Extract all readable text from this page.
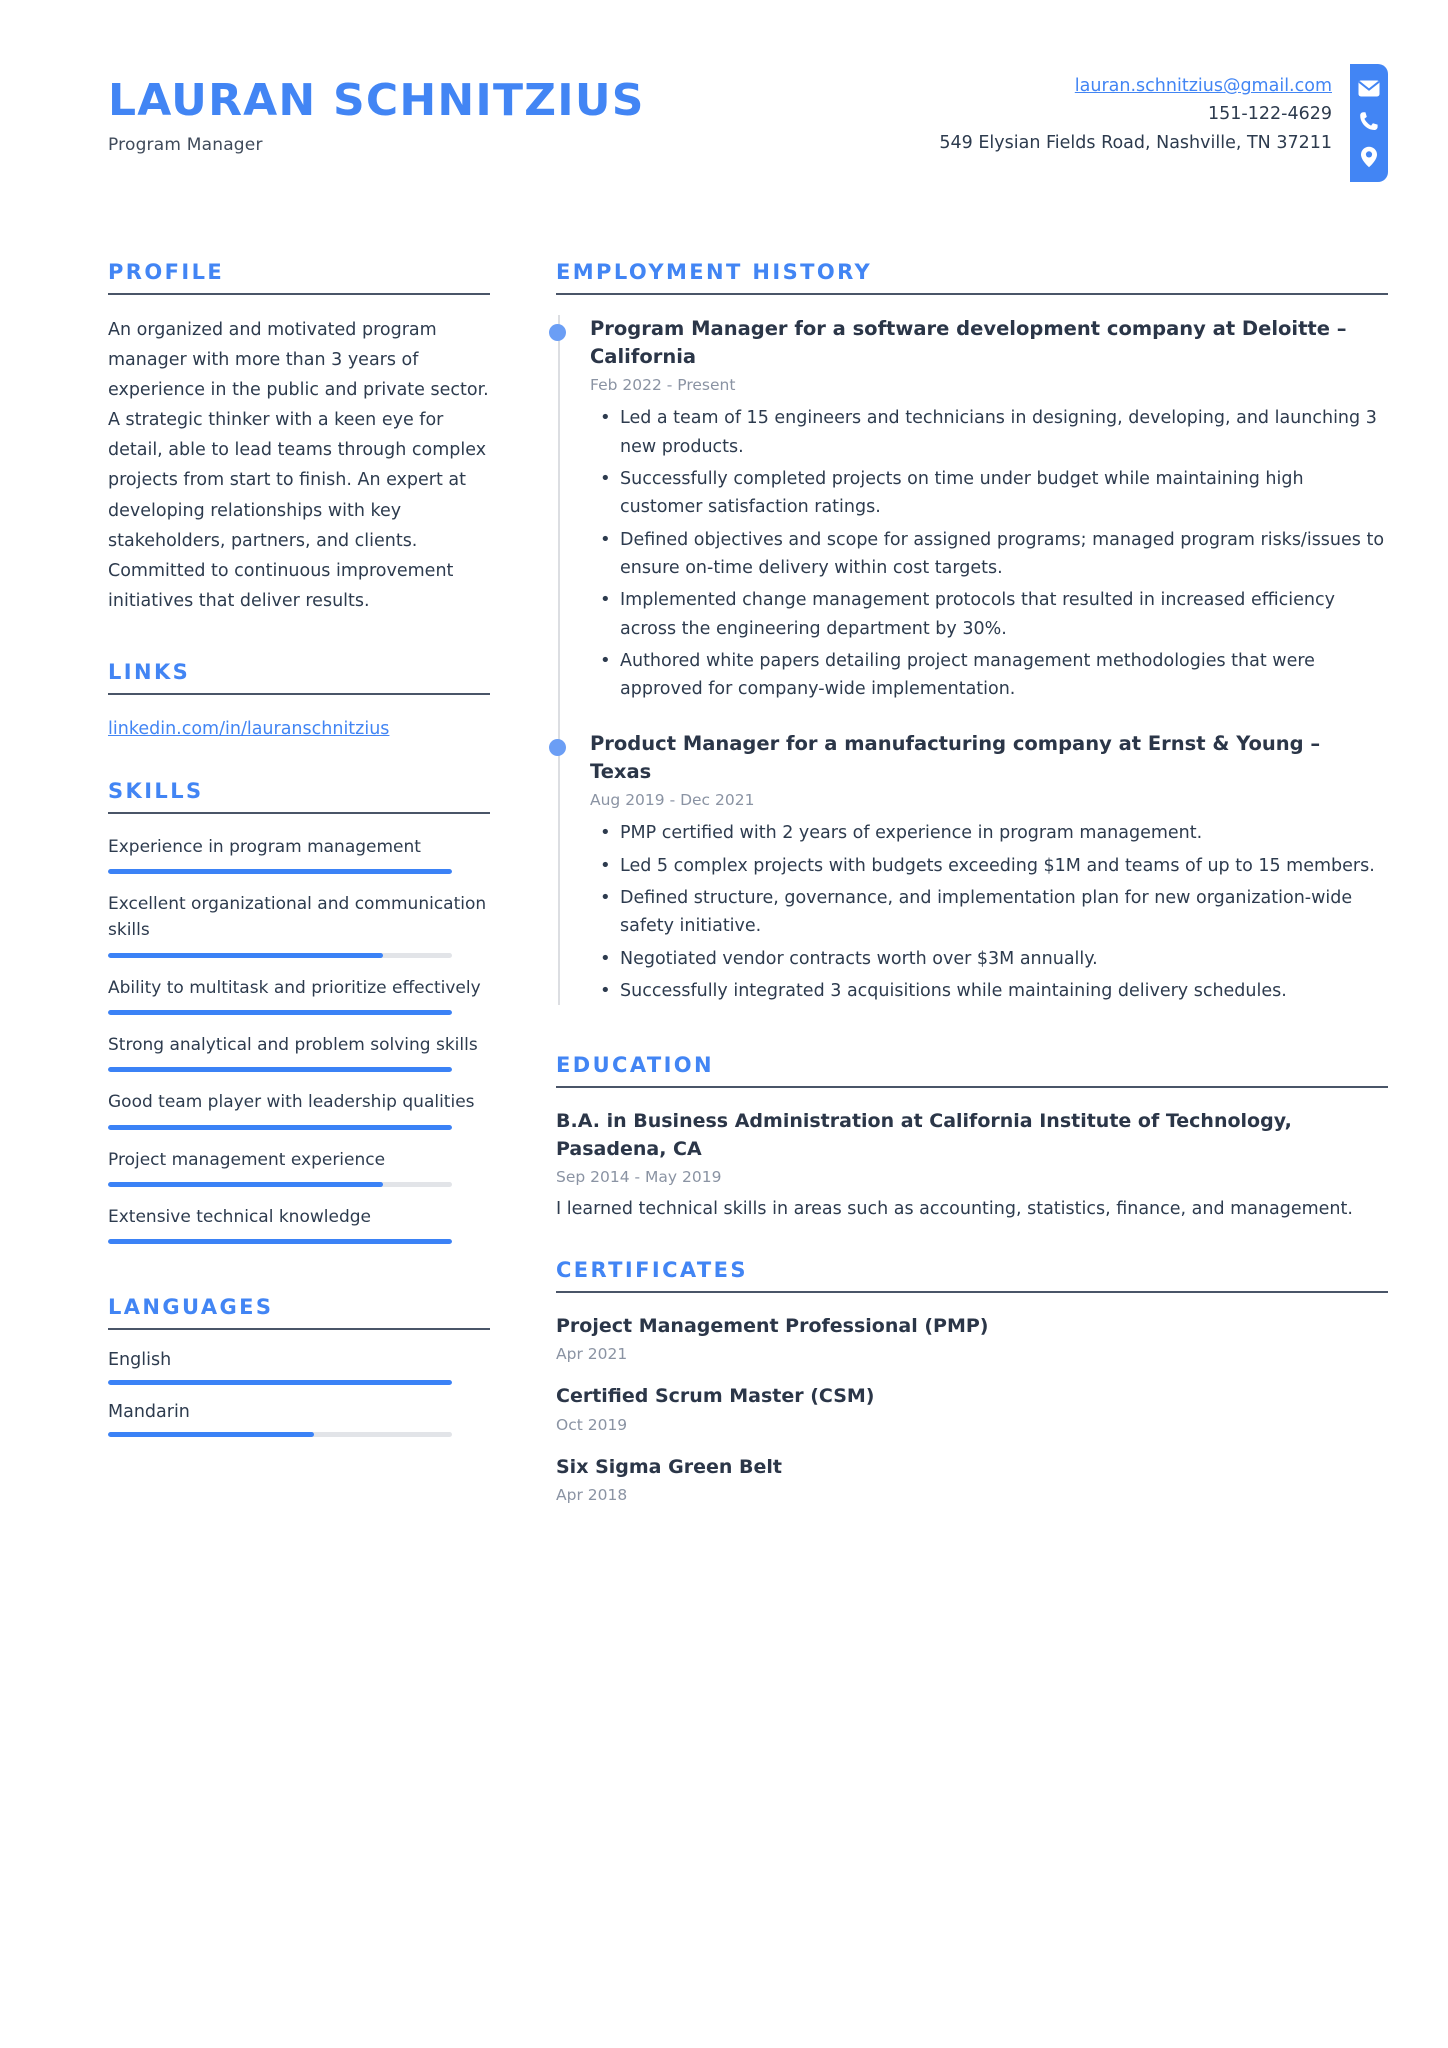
LAURAN SCHNITZIUS
Program Manager
lauran.schnitzius@gmail.com
151-122-4629
549 Elysian Fields Road, Nashville, TN 37211
PROFILE
An organized and motivated program manager with more than 3 years of experience in the public and private sector. A strategic thinker with a keen eye for detail, able to lead teams through complex projects from start to finish. An expert at developing relationships with key stakeholders, partners, and clients. Committed to continuous improvement initiatives that deliver results.
LINKS
linkedin.com/in/lauranschnitzius
SKILLS
Experience in program management
Excellent organizational and communication skills
Ability to multitask and prioritize effectively
Strong analytical and problem solving skills
Good team player with leadership qualities
Project management experience
Extensive technical knowledge
LANGUAGES
English
Mandarin
EMPLOYMENT HISTORY
Program Manager for a software development company at Deloitte – California
Feb 2022 - Present
• Led a team of 15 engineers and technicians in designing, developing, and launching 3 new products.
• Successfully completed projects on time under budget while maintaining high customer satisfaction ratings.
• Defined objectives and scope for assigned programs; managed program risks/issues to ensure on-time delivery within cost targets.
• Implemented change management protocols that resulted in increased efficiency across the engineering department by 30%.
• Authored white papers detailing project management methodologies that were approved for company-wide implementation.
Product Manager for a manufacturing company at Ernst & Young – Texas
Aug 2019 - Dec 2021
• PMP certified with 2 years of experience in program management.
• Led 5 complex projects with budgets exceeding $1M and teams of up to 15 members.
• Defined structure, governance, and implementation plan for new organization-wide safety initiative.
• Negotiated vendor contracts worth over $3M annually.
• Successfully integrated 3 acquisitions while maintaining delivery schedules.
EDUCATION
B.A. in Business Administration at California Institute of Technology, Pasadena, CA
Sep 2014 - May 2019
I learned technical skills in areas such as accounting, statistics, finance, and management.
CERTIFICATES
Project Management Professional (PMP)
Apr 2021
Certified Scrum Master (CSM)
Oct 2019
Six Sigma Green Belt
Apr 2018
